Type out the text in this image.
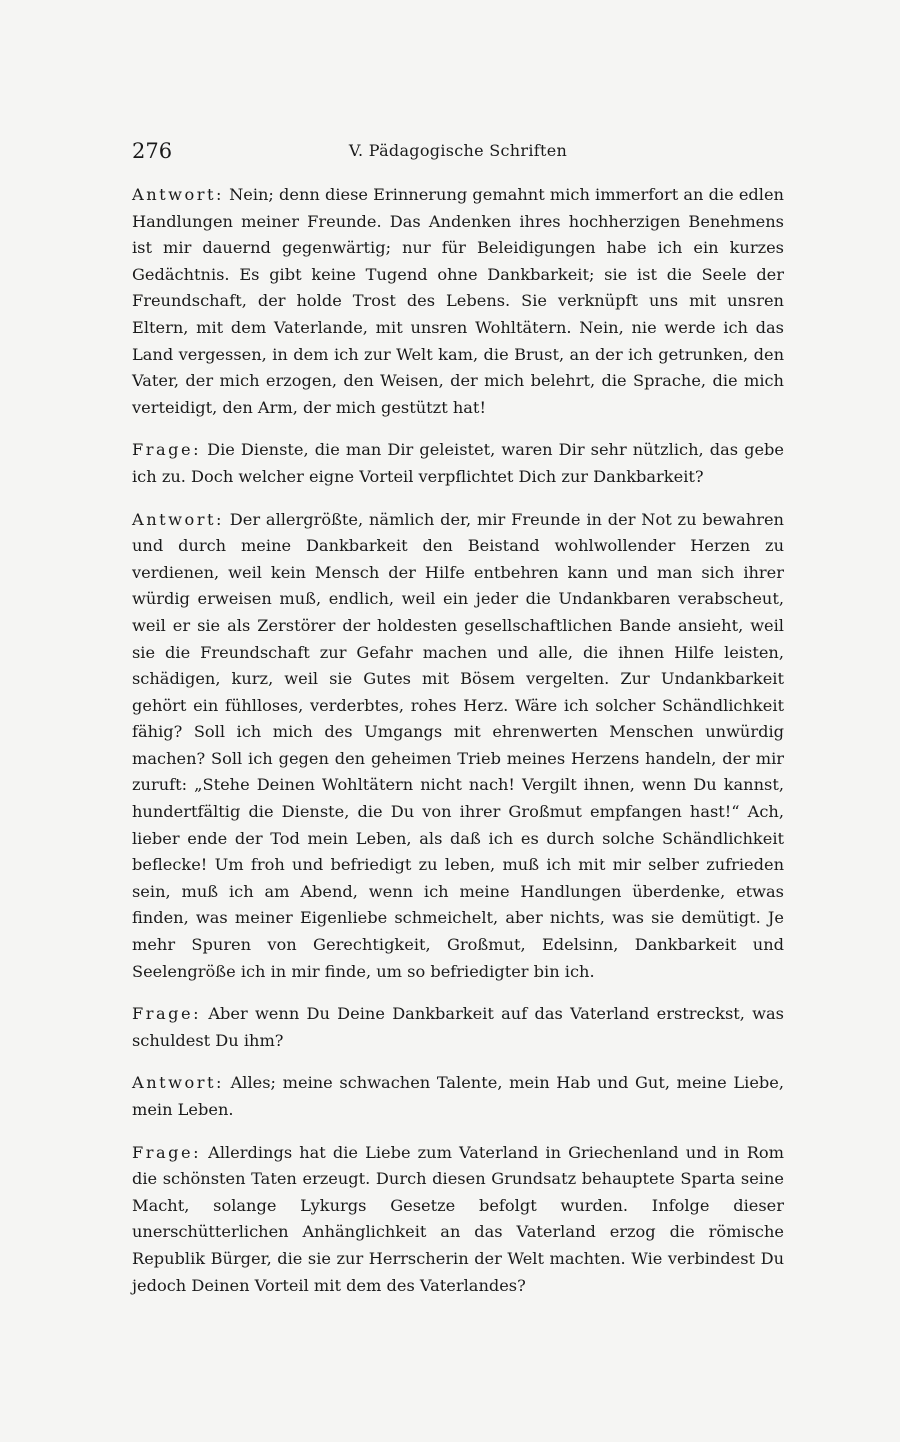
276	V. Pädagogische Schriften

Antwort: Nein; denn diese Erinnerung gemahnt mich immerfort an die edlen Handlungen meiner Freunde. Das Andenken ihres hochherzigen Benehmens ist mir dauernd gegenwärtig; nur für Beleidigungen habe ich ein kurzes Gedächtnis. Es gibt keine Tugend ohne Dankbarkeit; sie ist die Seele der Freundschaft, der holde Trost des Lebens. Sie verknüpft uns mit unsren Eltern, mit dem Vaterlande, mit unsren Wohltätern. Nein, nie werde ich das Land vergessen, in dem ich zur Welt kam, die Brust, an der ich getrunken, den Vater, der mich erzogen, den Weisen, der mich belehrt, die Sprache, die mich verteidigt, den Arm, der mich gestützt hat!

Frage: Die Dienste, die man Dir geleistet, waren Dir sehr nützlich, das gebe ich zu. Doch welcher eigne Vorteil verpflichtet Dich zur Dankbarkeit?

Antwort: Der allergrößte, nämlich der, mir Freunde in der Not zu bewahren und durch meine Dankbarkeit den Beistand wohlwollender Herzen zu verdienen, weil kein Mensch der Hilfe entbehren kann und man sich ihrer würdig erweisen muß, endlich, weil ein jeder die Undankbaren verabscheut, weil er sie als Zerstörer der holdesten gesellschaftlichen Bande ansieht, weil sie die Freundschaft zur Gefahr machen und alle, die ihnen Hilfe leisten, schädigen, kurz, weil sie Gutes mit Bösem vergelten. Zur Undankbarkeit gehört ein fühlloses, verderbtes, rohes Herz. Wäre ich solcher Schändlichkeit fähig? Soll ich mich des Umgangs mit ehrenwerten Menschen unwürdig machen? Soll ich gegen den geheimen Trieb meines Herzens handeln, der mir zuruft: „Stehe Deinen Wohltätern nicht nach! Vergilt ihnen, wenn Du kannst, hundertfältig die Dienste, die Du von ihrer Großmut empfangen hast!“ Ach, lieber ende der Tod mein Leben, als daß ich es durch solche Schändlichkeit beflecke! Um froh und befriedigt zu leben, muß ich mit mir selber zufrieden sein, muß ich am Abend, wenn ich meine Handlungen überdenke, etwas finden, was meiner Eigenliebe schmeichelt, aber nichts, was sie demütigt. Je mehr Spuren von Gerechtigkeit, Großmut, Edelsinn, Dankbarkeit und Seelengröße ich in mir finde, um so befriedigter bin ich.

Frage: Aber wenn Du Deine Dankbarkeit auf das Vaterland erstreckst, was schuldest Du ihm?

Antwort: Alles; meine schwachen Talente, mein Hab und Gut, meine Liebe, mein Leben.

Frage: Allerdings hat die Liebe zum Vaterland in Griechenland und in Rom die schönsten Taten erzeugt. Durch diesen Grundsatz behauptete Sparta seine Macht, solange Lykurgs Gesetze befolgt wurden. Infolge dieser unerschütterlichen Anhänglichkeit an das Vaterland erzog die römische Republik Bürger, die sie zur Herrscherin der Welt machten. Wie verbindest Du jedoch Deinen Vorteil mit dem des Vaterlandes?
